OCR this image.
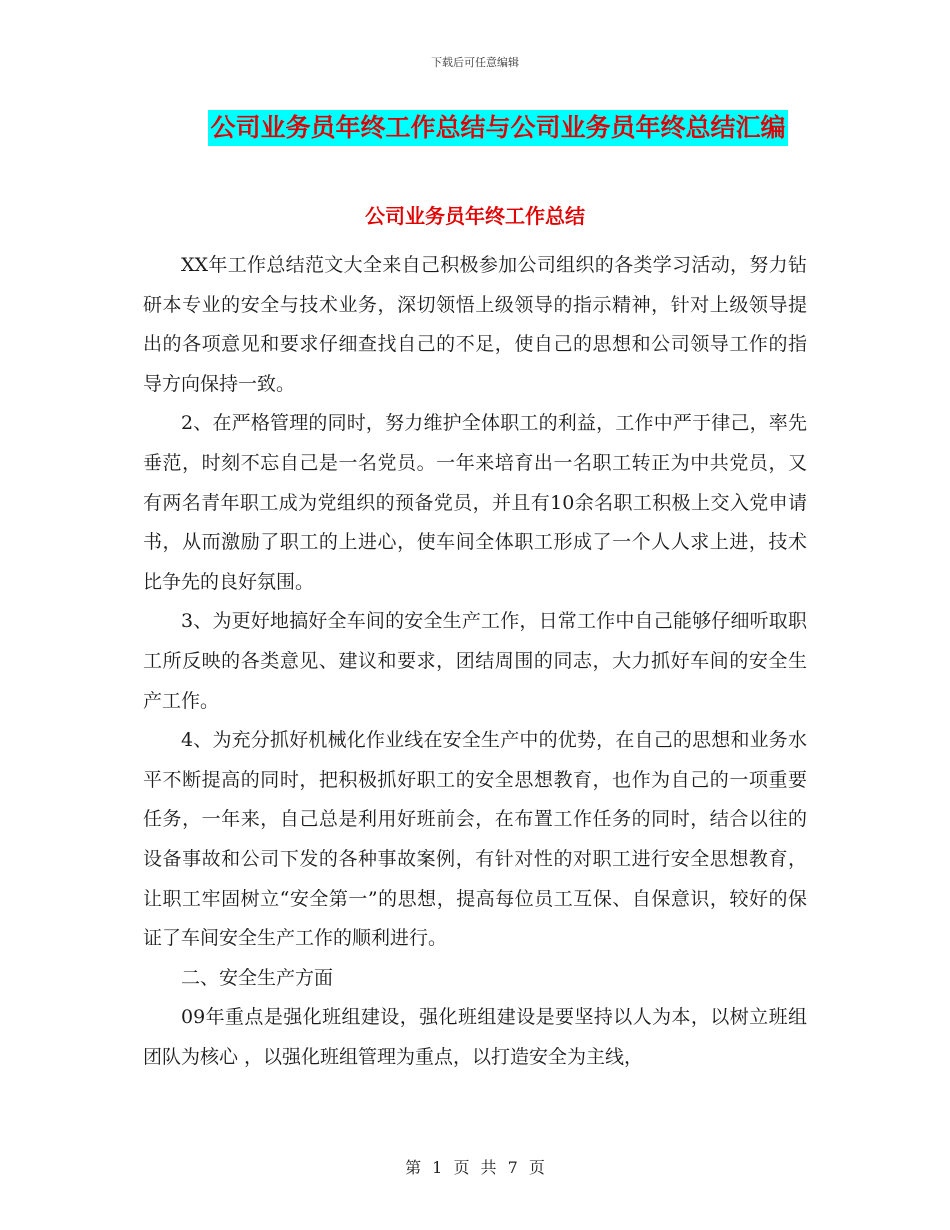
下载后可任意编辑
公司业务员年终工作总结与公司业务员年终总结汇编
公司业务员年终工作总结

XX年工作总结范文大全来自己积极参加公司组织的各类学习活动，努力钻研本专业的安全与技术业务，深切领悟上级领导的指示精神，针对上级领导提出的各项意见和要求仔细查找自己的不足，使自己的思想和公司领导工作的指导方向保持一致。

2、在严格管理的同时，努力维护全体职工的利益，工作中严于律己，率先垂范，时刻不忘自己是一名党员。一年来培育出一名职工转正为中共党员，又有两名青年职工成为党组织的预备党员，并且有10余名职工积极上交入党申请书，从而激励了职工的上进心，使车间全体职工形成了一个人人求上进，技术比争先的良好氛围。

3、为更好地搞好全车间的安全生产工作，日常工作中自己能够仔细听取职工所反映的各类意见、建议和要求，团结周围的同志，大力抓好车间的安全生产工作。

4、为充分抓好机械化作业线在安全生产中的优势，在自己的思想和业务水平不断提高的同时，把积极抓好职工的安全思想教育，也作为自己的一项重要任务，一年来，自己总是利用好班前会，在布置工作任务的同时，结合以往的设备事故和公司下发的各种事故案例，有针对性的对职工进行安全思想教育，让职工牢固树立“安全第一”的思想，提高每位员工互保、自保意识，较好的保证了车间安全生产工作的顺利进行。

二、安全生产方面

09年重点是强化班组建设，强化班组建设是要坚持以人为本，以树立班组团队为核心 ，以强化班组管理为重点，以打造安全为主线，

第 1 页 共 7 页
